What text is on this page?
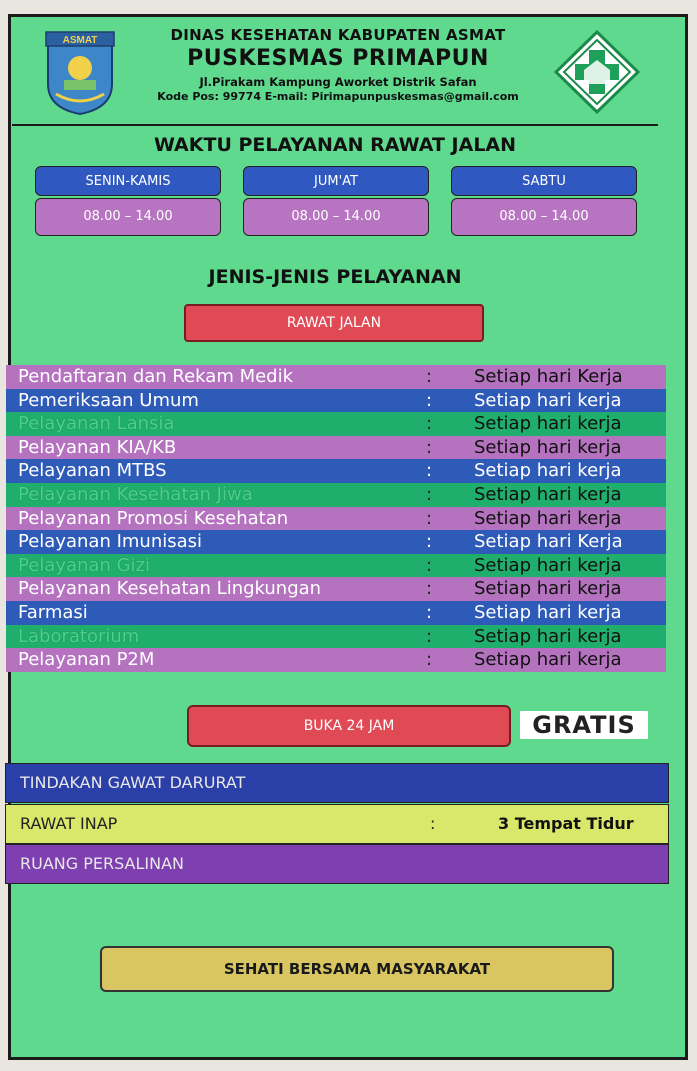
ASMAT	DINAS KESEHATAN KABUPATEN ASMAT
PUSKESMAS PRIMAPUN
Jl.Pirakam Kampung Aworket Distrik Safan
Kode Pos: 99774 E-mail: Pirimapunpuskesmas@gmail.com
WAKTU PELAYANAN RAWAT JALAN
SENIN-KAMIS
08.00 – 14.00
JUM'AT
08.00 – 14.00
SABTU
08.00 – 14.00
JENIS-JENIS PELAYANAN
RAWAT JALAN
Pendaftaran dan Rekam Medik	: Setiap hari Kerja
Pemeriksaan Umum	: Setiap hari kerja
Pelayanan Lansia	: Setiap hari kerja
Pelayanan KIA/KB	: Setiap hari kerja
Pelayanan MTBS	: Setiap hari kerja
Pelayanan Kesehatan Jiwa	: Setiap hari kerja
Pelayanan Promosi Kesehatan	: Setiap hari kerja
Pelayanan Imunisasi	: Setiap hari Kerja
Pelayanan Gizi	: Setiap hari kerja
Pelayanan Kesehatan Lingkungan	: Setiap hari kerja
Farmasi	: Setiap hari kerja
Laboratorium	: Setiap hari kerja
Pelayanan P2M	: Setiap hari kerja
BUKA 24 JAM	GRATIS
TINDAKAN GAWAT DARURAT
RAWAT INAP	:	3 Tempat Tidur
RUANG PERSALINAN
SEHATI BERSAMA MASYARAKAT
